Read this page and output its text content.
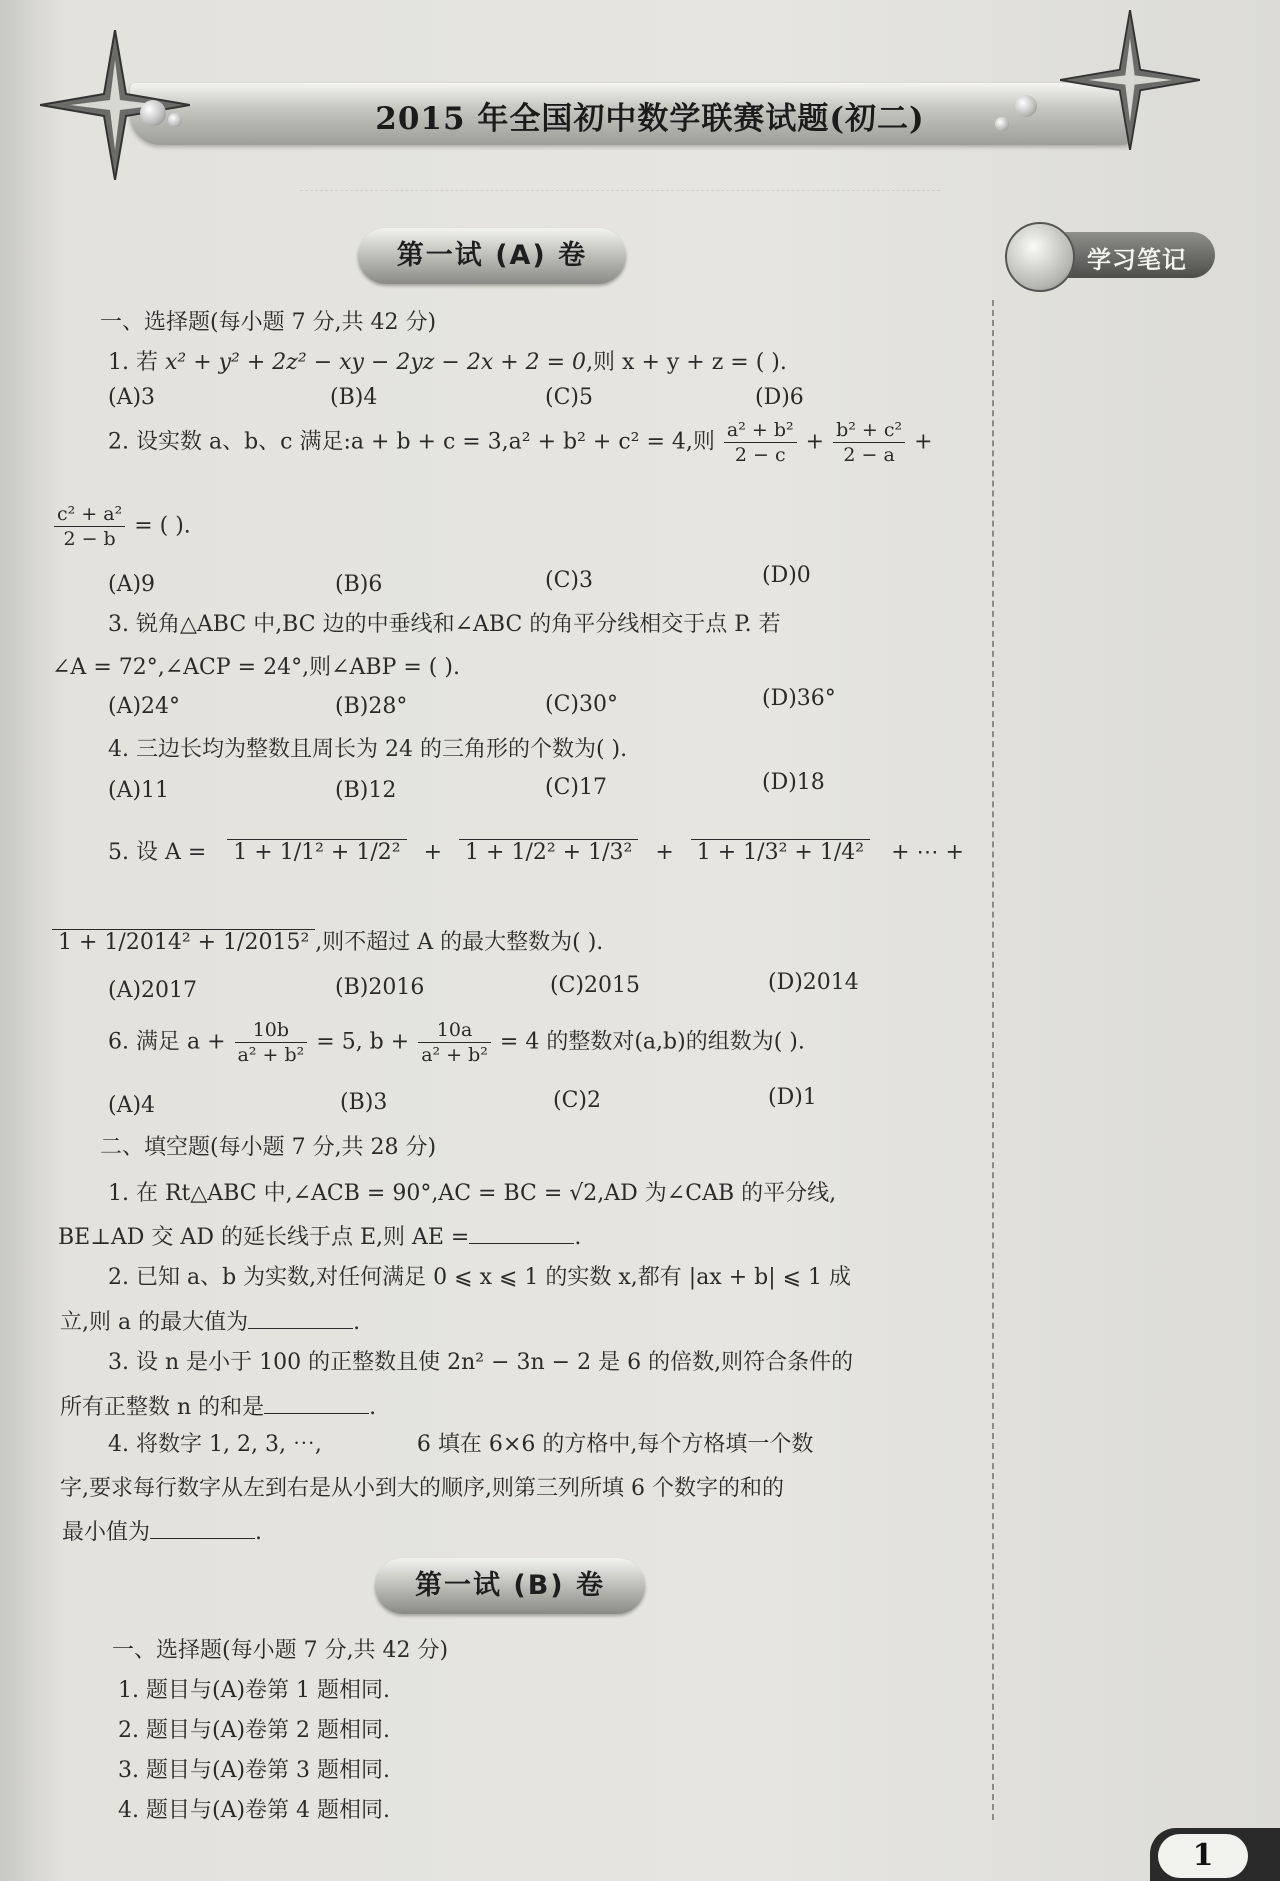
2015 年全国初中数学联赛试题(初二)
第一试 (A) 卷	学习笔记
一、选择题(每小题 7 分,共 42 分)
1. 若 x² + y² + 2z² − xy − 2yz − 2x + 2 = 0,则 x + y + z = ( ).
(A)3	(B)4	(C)5	(D)6
2. 设实数 a、b、c 满足:a + b + c = 3,a² + b² + c² = 4,则 $\frac{\text{a² + b²}}{2 - c} + \frac{\text{b² + c²}}{2 - a}$ +
$\frac{\text{c² + a²}}{2 - b}$ = ( ).
(A)9	(B)6	(C)3	(D)0
3. 锐角△ABC 中,BC 边的中垂线和∠ABC 的角平分线相交于点 P. 若
∠A = 72°,∠ACP = 24°,则∠ABP = ( ).
(A)24°	(B)28°	(C)30°	(D)36°
4. 三边长均为整数且周长为 24 的三角形的个数为( ).
(A)11	(B)12	(C)17	(D)18
5. 设 A = 1 + 1/1² + 1/2² + 1 + 1/2² + 1/3² + 1 + 1/3² + 1/4² + ⋯ +
1 + 1/2014² + 1/2015² ,则不超过 A 的最大整数为( ).
(A)2017	(B)2016	(C)2015	(D)2014
6. 满足 $a + \frac{10b}{\text{a² + b²}} = 5$, $b + \frac{10a}{\text{a² + b²}} = 4$ 的整数对(a,b)的组数为( ).
(A)4	(B)3	(C)2	(D)1
二、填空题(每小题 7 分,共 28 分)
1. 在 Rt△ABC 中,∠ACB = 90°,AC = BC = √2,AD 为∠CAB 的平分线,
BE⊥AD 交 AD 的延长线于点 E,则 AE =	.
2. 已知 a、b 为实数,对任何满足 0 ⩽ x ⩽ 1 的实数 x,都有 |ax + b| ⩽ 1 成
立,则 a 的最大值为	.
3. 设 n 是小于 100 的正整数且使 2n² − 3n − 2 是 6 的倍数,则符合条件的
所有正整数 n 的和是	.
4. 将数字 1, 2, 3, ⋯,	6 填在 6×6 的方格中,每个方格填一个数
字,要求每行数字从左到右是从小到大的顺序,则第三列所填 6 个数字的和的
最小值为	.
第一试 (B) 卷
一、选择题(每小题 7 分,共 42 分)
1. 题目与(A)卷第 1 题相同.
2. 题目与(A)卷第 2 题相同.
3. 题目与(A)卷第 3 题相同.
4. 题目与(A)卷第 4 题相同.
1
